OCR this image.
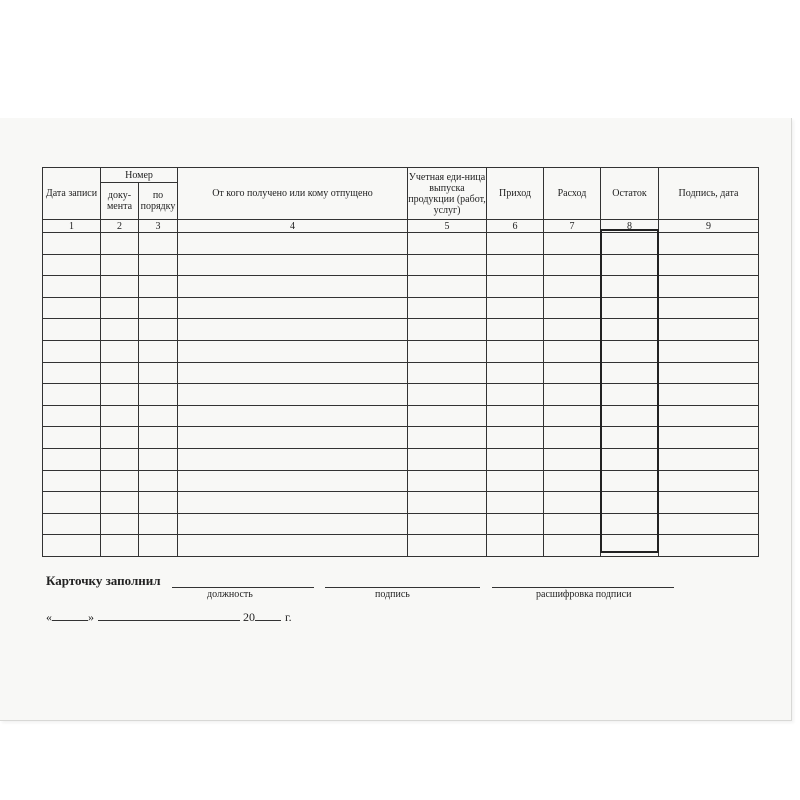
Дата записи	Номер		От кого получено или кому отпущено	Учетная еди-ница выпуска продукции (работ, услуг)	Приход	Расход	Остаток	Подпись, дата
	доку-мента	по порядку						
1	2	3	4	5	6	7	8	9

Карточку заполнил
должность	подпись	расшифровка подписи
«	»	20	г.
